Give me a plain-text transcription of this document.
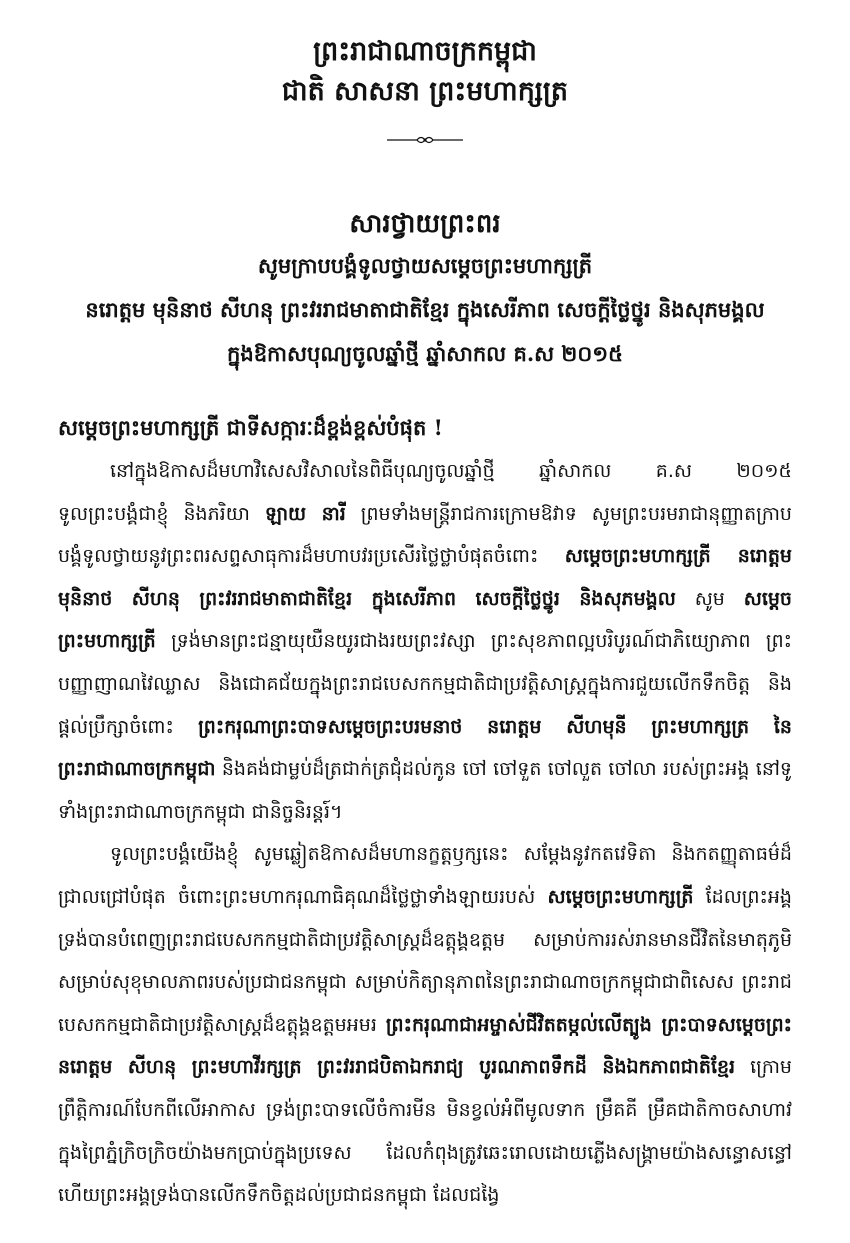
ព្រះរាជាណាចក្រកម្ពុជា

ជាតិ សាសនា ព្រះមហាក្សត្រ

សារថ្វាយព្រះពរ

សូមក្រាបបង្គំទូលថ្វាយសម្តេចព្រះមហាក្សត្រី

នរោត្តម មុនិនាថ សីហនុ ព្រះវររាជមាតាជាតិខ្មែរ ក្នុងសេរីភាព សេចក្តីថ្លៃថ្នូរ និងសុភមង្គល

ក្នុងឱកាសបុណ្យចូលឆ្នាំថ្មី ឆ្នាំសាកល គ.ស ២០១៥

សម្តេចព្រះមហាក្សត្រី ជាទីសក្ការៈដ៏ខ្ពង់ខ្ពស់បំផុត !

នៅក្នុងឱកាសដ៏មហាវិសេសវិសាលនៃពិធីបុណ្យចូលឆ្នាំថ្មី ឆ្នាំសាកល គ.ស ២០១៥ ទូលព្រះបង្គំជាខ្ញុំ និងភរិយា ឡាយ នារី ព្រមទាំងមន្ត្រីរាជការក្រោមឱវាទ សូមព្រះបរមរាជានុញ្ញាតក្រាបបង្គំទូលថ្វាយនូវព្រះពរសព្ទសាធុការដ៏មហាបវរប្រសើរថ្លៃថ្លាបំផុតចំពោះ សម្តេចព្រះមហាក្សត្រី នរោត្តម មុនិនាថ សីហនុ ព្រះវររាជមាតាជាតិខ្មែរ ក្នុងសេរីភាព សេចក្តីថ្លៃថ្នូរ និងសុភមង្គល សូម សម្តេចព្រះមហាក្សត្រី ទ្រង់មានព្រះជន្មាយុយឺនយូរជាងរយព្រះវស្សា ព្រះសុខភាពល្អបរិបូរណ៍ជាភិយ្យោភាព ព្រះបញ្ញាញាណវៃឈ្លាស និងជោគជ័យក្នុងព្រះរាជបេសកកម្មជាតិជាប្រវត្តិសាស្ត្រក្នុងការជួយលើកទឹកចិត្ត និងផ្តល់ប្រឹក្សាចំពោះ ព្រះករុណាព្រះបាទសម្តេចព្រះបរមនាថ នរោត្តម សីហមុនី ព្រះមហាក្សត្រ នៃព្រះរាជាណាចក្រកម្ពុជា និងគង់ជាម្លប់ដ៏ត្រជាក់ត្រជុំដល់កូន ចៅ ចៅទួត ចៅលួត ចៅលា របស់ព្រះអង្គ នៅទូទាំងព្រះរាជាណាចក្រកម្ពុជា ជានិច្ចនិរន្តរ៍។

ទូលព្រះបង្គំយើងខ្ញុំ សូមឆ្លៀតឱកាសដ៏មហានក្ខត្តឫក្សនេះ សម្តែងនូវកតវេទិតា និងកតញ្ញុតាធម៌ដ៏ជ្រាលជ្រៅបំផុត ចំពោះព្រះមហាករុណាធិគុណដ៏ថ្លៃថ្លាទាំងឡាយរបស់ សម្តេចព្រះមហាក្សត្រី ដែលព្រះអង្គទ្រង់បានបំពេញព្រះរាជបេសកកម្មជាតិជាប្រវត្តិសាស្ត្រដ៏ឧត្តុង្គឧត្តម សម្រាប់ការរស់រានមានជីវិតនៃមាតុភូមិ សម្រាប់សុខុមាលភាពរបស់ប្រជាជនកម្ពុជា សម្រាប់កិត្យានុភាពនៃព្រះរាជាណាចក្រកម្ពុជាជាពិសេស ព្រះរាជបេសកកម្មជាតិជាប្រវត្តិសាស្ត្រដ៏ឧត្តុង្គឧត្តមអមរ ព្រះករុណាជាអម្ចាស់ជីវិតតម្កល់លើត្បូង ព្រះបាទសម្តេចព្រះ នរោត្តម សីហនុ ព្រះមហាវីរក្សត្រ ព្រះវររាជបិតាឯករាជ្យ បូរណភាពទឹកដី និងឯកភាពជាតិខ្មែរ ក្រោមព្រឹត្តិការណ៍បែកពីលើអាកាស ទ្រង់ព្រះបាទលើចំការមីន មិនខ្វល់អំពីមូលទាក ម្រឹគគី ម្រឹគជាតិកាចសាហាវក្នុងព្រៃភ្នំក្រិចក្រិចយ៉ាងមកប្រាប់ក្នុងប្រទេស ដែលកំពុងត្រូវឆេះរោលដោយភ្លើងសង្គ្រាមយ៉ាងសន្ធោសន្ធៅ ហើយព្រះអង្គទ្រង់បានលើកទឹកចិត្តដល់ប្រជាជនកម្ពុជា ដែលជង្វៃ
